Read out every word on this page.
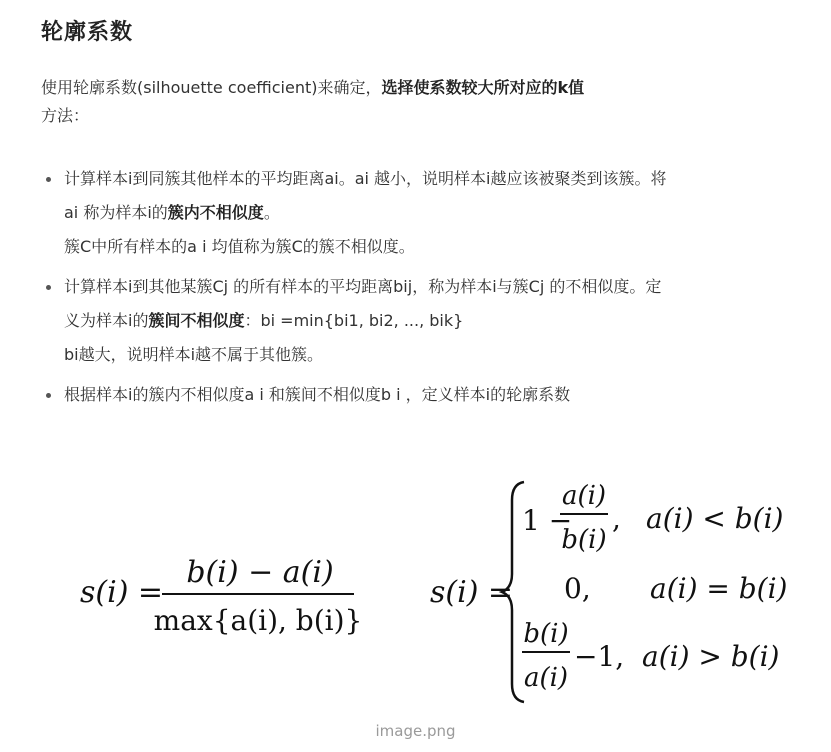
轮廓系数
使用轮廓系数(silhouette coefficient)来确定，选择使系数较大所对应的k值
方法：
计算样本i到同簇其他样本的平均距离ai。ai 越小，说明样本i越应该被聚类到该簇。将
ai 称为样本i的簇内不相似度。
簇C中所有样本的a i 均值称为簇C的簇不相似度。
计算样本i到其他某簇Cj 的所有样本的平均距离bij，称为样本i与簇Cj 的不相似度。定
义为样本i的簇间不相似度：bi =min{bi1, bi2, ..., bik}
bi越大，说明样本i越不属于其他簇。
根据样本i的簇内不相似度a i 和簇间不相似度b i ，定义样本i的轮廓系数
s(i) =
b(i) − a(i)
max{a(i), b(i)}
s(i) =
1 −
a(i)
b(i)
, a(i) < b(i)
0, a(i) = b(i)
b(i)
a(i)
−1, a(i) > b(i)
image.png
